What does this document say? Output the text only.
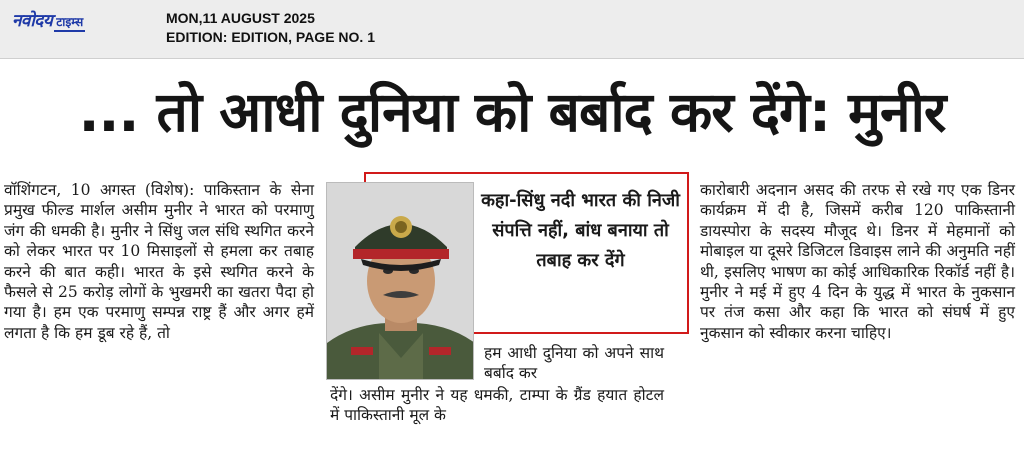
नवोदय टाइम्स	MON,11 AUGUST 2025
EDITION: EDITION, PAGE NO. 1
... तो आधी दुनिया को बर्बाद कर देंगे: मुनीर
वॉशिंगटन, 10 अगस्त (विशेष): पाकिस्तान के सेना प्रमुख फील्ड मार्शल असीम मुनीर ने भारत को परमाणु जंग की धमकी है। मुनीर ने सिंधु जल संधि स्थगित करने को लेकर भारत पर 10 मिसाइलों से हमला कर तबाह करने की बात कही। भारत के इसे स्थगित करने के फैसले से 25 करोड़ लोगों के भुखमरी का खतरा पैदा हो गया है। हम एक परमाणु सम्पन्न राष्ट्र हैं और अगर हमें लगता है कि हम डूब रहे हैं, तो
कहा-सिंधु नदी भारत की निजी संपत्ति नहीं, बांध बनाया तो तबाह कर देंगे
हम आधी दुनिया को अपने साथ बर्बाद कर
देंगे। असीम मुनीर ने यह धमकी, टाम्पा के ग्रैंड हयात होटल में पाकिस्तानी मूल के
कारोबारी अदनान असद की तरफ से रखे गए एक डिनर कार्यक्रम में दी है, जिसमें करीब 120 पाकिस्तानी डायस्पोरा के सदस्य मौजूद थे। डिनर में मेहमानों को मोबाइल या दूसरे डिजिटल डिवाइस लाने की अनुमति नहीं थी, इसलिए भाषण का कोई आधिकारिक रिकॉर्ड नहीं है। मुनीर ने मई में हुए 4 दिन के युद्ध में भारत के नुकसान पर तंज कसा और कहा कि भारत को संघर्ष में हुए नुकसान को स्वीकार करना चाहिए।
